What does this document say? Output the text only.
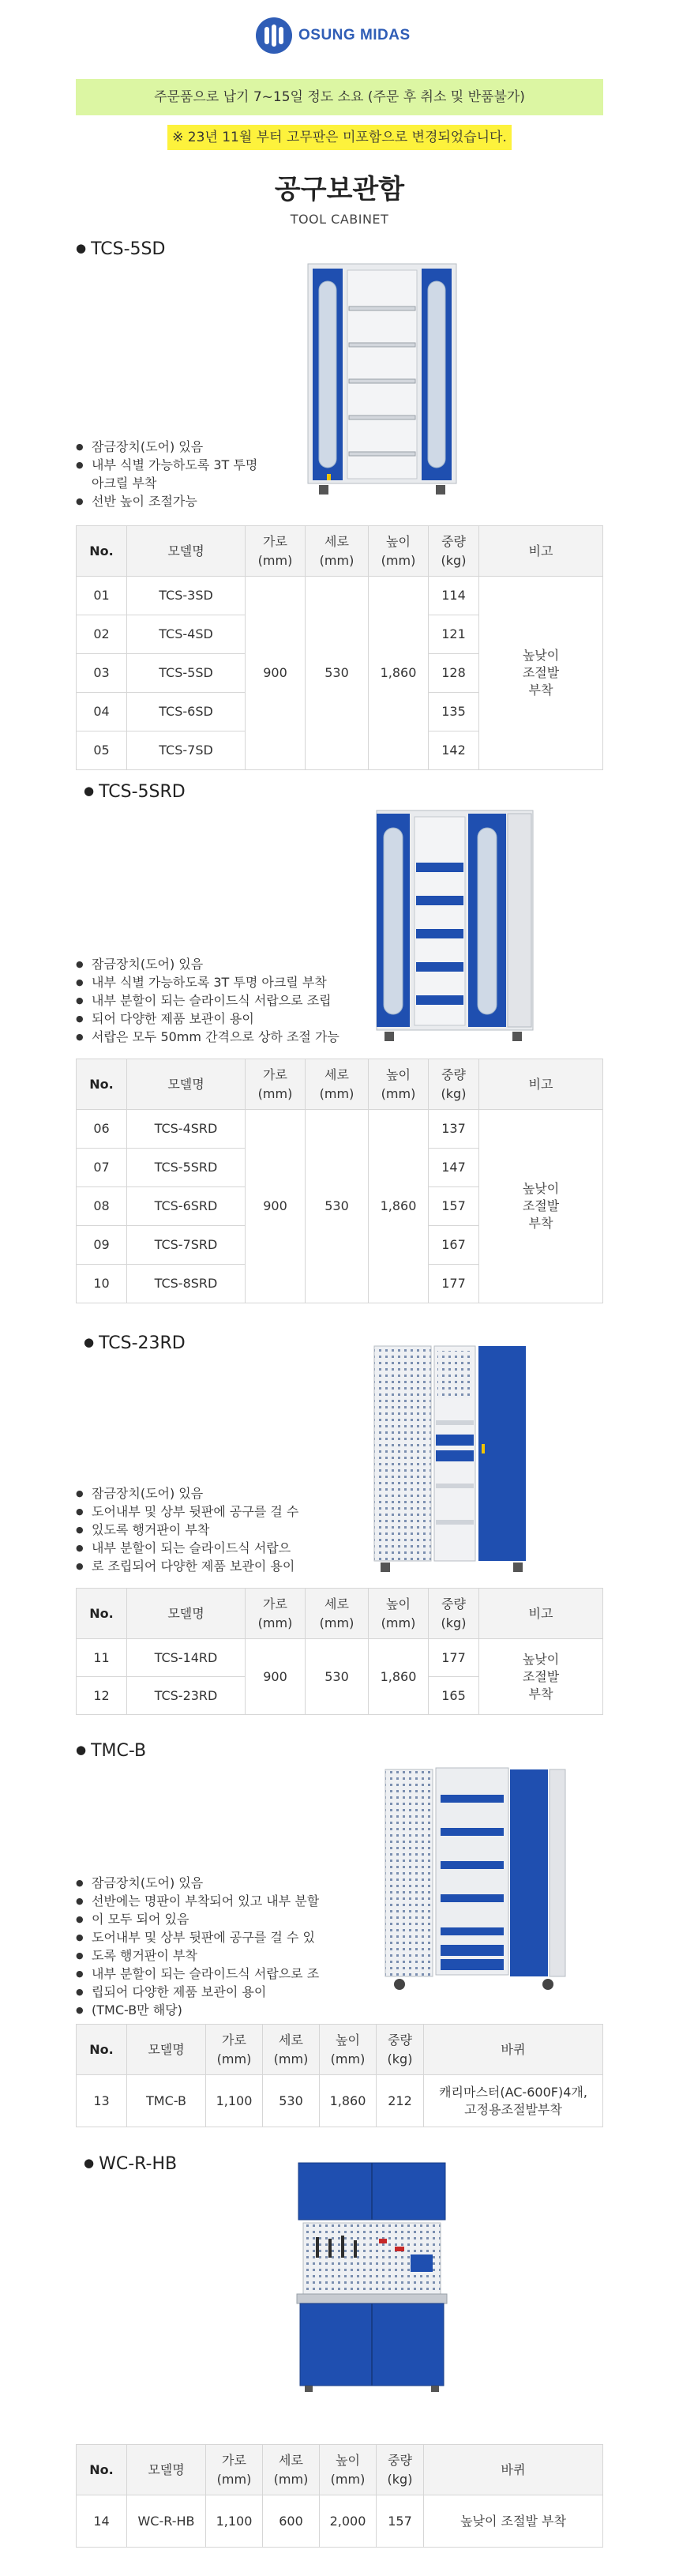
OSUNG MIDAS
주문품으로 납기 7~15일 정도 소요 (주문 후 취소 및 반품불가)
※ 23년 11월 부터 고무판은 미포함으로 변경되었습니다.
공구보관함
TOOL CABINET
● TCS-5SD
● 잠금장치(도어) 있음
● 내부 식별 가능하도록 3T 투명
아크릴 부착
● 선반 높이 조절가능
No.	모델명	가로
(mm)	세로
(mm)	높이
(mm)	중량
(kg)	비고
01	TCS-3SD	900	530	1,860	114	높낮이
조절발
부착
02	TCS-4SD				121	
03	TCS-5SD				128	
04	TCS-6SD				135	
05	TCS-7SD				142	
● TCS-5SRD
● 잠금장치(도어) 있음
● 내부 식별 가능하도록 3T 투명 아크릴 부착
● 내부 분할이 되는 슬라이드식 서랍으로 조립
● 되어 다양한 제품 보관이 용이
● 서랍은 모두 50mm 간격으로 상하 조절 가능
No.	모델명	가로
(mm)	세로
(mm)	높이
(mm)	중량
(kg)	비고
06	TCS-4SRD	900	530	1,860	137	높낮이
조절발
부착
07	TCS-5SRD				147	
08	TCS-6SRD				157	
09	TCS-7SRD				167	
10	TCS-8SRD				177	
● TCS-23RD
● 잠금장치(도어) 있음
● 도어내부 및 상부 뒷판에 공구를 걸 수
● 있도록 행거판이 부착
● 내부 분할이 되는 슬라이드식 서랍으
● 로 조립되어 다양한 제품 보관이 용이
No.	모델명	가로
(mm)	세로
(mm)	높이
(mm)	중량
(kg)	비고
11	TCS-14RD	900	530	1,860	177	높낮이
조절발
부착
12	TCS-23RD				165	
● TMC-B
● 잠금장치(도어) 있음
● 선반에는 명판이 부착되어 있고 내부 분할
● 이 모두 되어 있음
● 도어내부 및 상부 뒷판에 공구를 걸 수 있
● 도록 행거판이 부착
● 내부 분할이 되는 슬라이드식 서랍으로 조
● 립되어 다양한 제품 보관이 용이
● (TMC-B만 해당)
No.	모델명	가로
(mm)	세로
(mm)	높이
(mm)	중량
(kg)	바퀴
13	TMC-B	1,100	530	1,860	212	캐리마스터(AC-600F)4개,
고정용조절발부착
● WC-R-HB
No.	모델명	가로
(mm)	세로
(mm)	높이
(mm)	중량
(kg)	바퀴
14	WC-R-HB	1,100	600	2,000	157	높낮이 조절발 부착
